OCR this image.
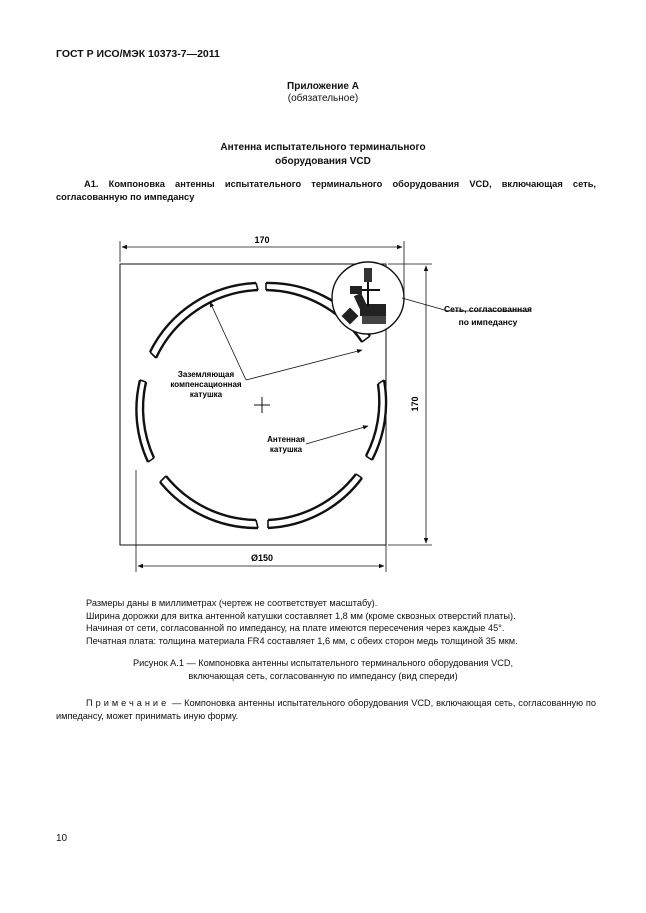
ГОСТ Р ИСО/МЭК 10373-7—2011
Приложение А
(обязательное)
Антенна испытательного терминального
оборудования VCD
А1. Компоновка антенны испытательного терминального оборудования VCD, включающая сеть, согласованную по импедансу
170
170
Ø150
Сеть, согласованная
по импедансу
Заземляющая
компенсационная
катушка
Антенная
катушка
Размеры даны в миллиметрах (чертеж не соответствует масштабу).
Ширина дорожки для витка антенной катушки составляет 1,8 мм (кроме сквозных отверстий платы).
Начиная от сети, согласованной по импедансу, на плате имеются пересечения через каждые 45°.
Печатная плата: толщина материала FR4 составляет 1,6 мм, с обеих сторон медь толщиной 35 мкм.
Рисунок А.1 — Компоновка антенны испытательного терминального оборудования VCD,
включающая сеть, согласованную по импедансу (вид спереди)
Примечание — Компоновка антенны испытательного оборудования VCD, включающая сеть, согласованную по импедансу, может принимать иную форму.
10
